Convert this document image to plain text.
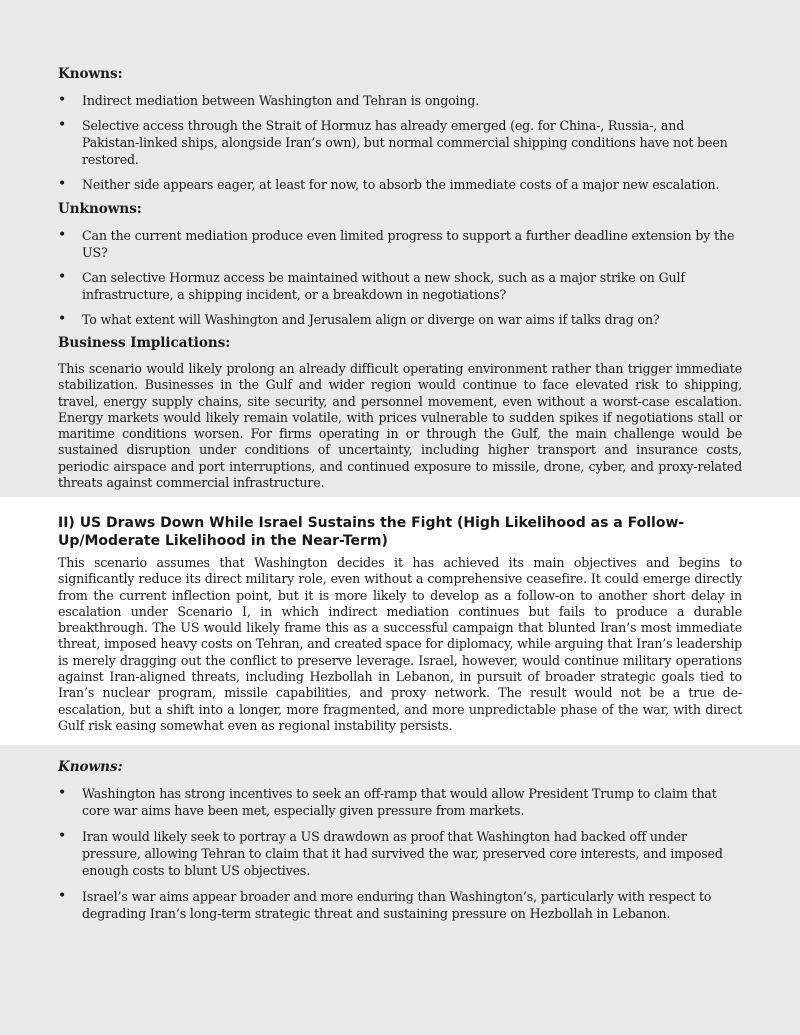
Knowns:

• Indirect mediation between Washington and Tehran is ongoing.
• Selective access through the Strait of Hormuz has already emerged (eg. for China-, Russia-, and Pakistan-linked ships, alongside Iran’s own), but normal commercial shipping conditions have not been restored.
• Neither side appears eager, at least for now, to absorb the immediate costs of a major new escalation.

Unknowns:

• Can the current mediation produce even limited progress to support a further deadline extension by the US?
• Can selective Hormuz access be maintained without a new shock, such as a major strike on Gulf infrastructure, a shipping incident, or a breakdown in negotiations?
• To what extent will Washington and Jerusalem align or diverge on war aims if talks drag on?

Business Implications:

This scenario would likely prolong an already difficult operating environment rather than trigger immediate stabilization. Businesses in the Gulf and wider region would continue to face elevated risk to shipping, travel, energy supply chains, site security, and personnel movement, even without a worst-case escalation. Energy markets would likely remain volatile, with prices vulnerable to sudden spikes if negotiations stall or maritime conditions worsen. For firms operating in or through the Gulf, the main challenge would be sustained disruption under conditions of uncertainty, including higher transport and insurance costs, periodic airspace and port interruptions, and continued exposure to missile, drone, cyber, and proxy-related threats against commercial infrastructure.

II) US Draws Down While Israel Sustains the Fight (High Likelihood as a Follow-Up/Moderate Likelihood in the Near-Term)

This scenario assumes that Washington decides it has achieved its main objectives and begins to significantly reduce its direct military role, even without a comprehensive ceasefire. It could emerge directly from the current inflection point, but it is more likely to develop as a follow-on to another short delay in escalation under Scenario I, in which indirect mediation continues but fails to produce a durable breakthrough. The US would likely frame this as a successful campaign that blunted Iran’s most immediate threat, imposed heavy costs on Tehran, and created space for diplomacy, while arguing that Iran’s leadership is merely dragging out the conflict to preserve leverage. Israel, however, would continue military operations against Iran-aligned threats, including Hezbollah in Lebanon, in pursuit of broader strategic goals tied to Iran’s nuclear program, missile capabilities, and proxy network. The result would not be a true de-escalation, but a shift into a longer, more fragmented, and more unpredictable phase of the war, with direct Gulf risk easing somewhat even as regional instability persists.

Knowns:

• Washington has strong incentives to seek an off-ramp that would allow President Trump to claim that core war aims have been met, especially given pressure from markets.
• Iran would likely seek to portray a US drawdown as proof that Washington had backed off under pressure, allowing Tehran to claim that it had survived the war, preserved core interests, and imposed enough costs to blunt US objectives.
• Israel’s war aims appear broader and more enduring than Washington’s, particularly with respect to degrading Iran’s long-term strategic threat and sustaining pressure on Hezbollah in Lebanon.
